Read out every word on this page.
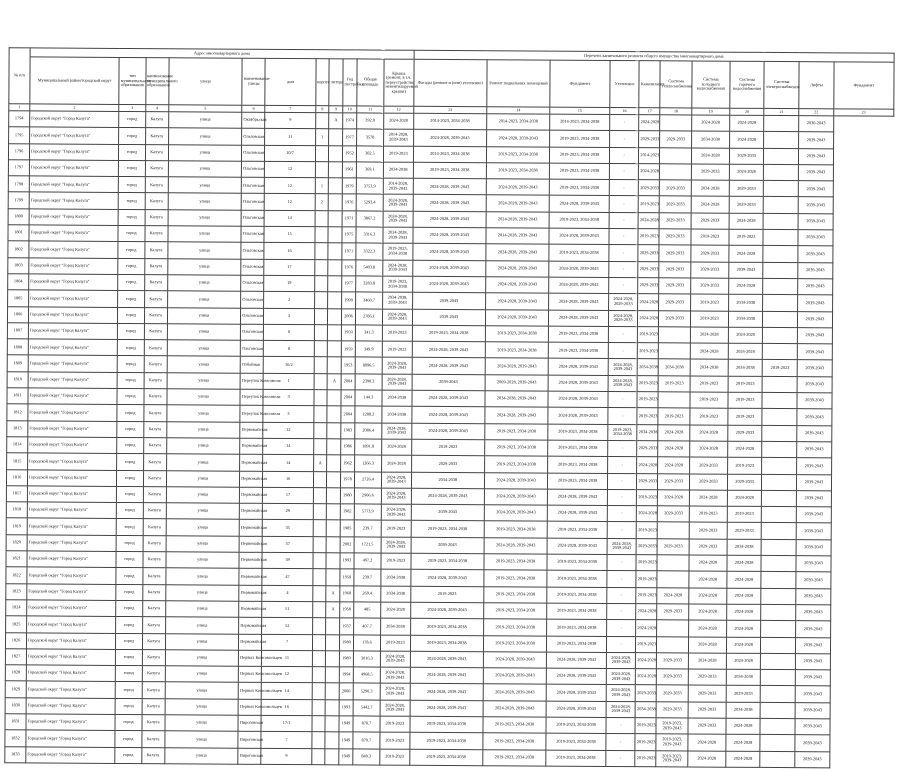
№ п/п	Адрес многоквартирного дома											Перечень капитального ремонта общего имущества многоквартирного дома										
	Муниципальный район/городской округ	тип муниципального образования	наименование муниципального образования	улица	наименование улицы	дом	корпус	литера	Год постройки	Общая площадь	Крыша (ремонт, в т.ч. переустройство невентилируемой крыши)	Фасады (ремонт и (или) утепление)	Ремонт подвальных помещений	Фундамент	Утепление	Канализация	Система теплоснабжения	Система холодного водоснабжения	Система горячего водоснабжения	Система электроснабжения	Лифты	Фундамент
1	2	3	4	5	6	7	8	9	10	11	12	13	14	15	16	17	18	19	20	21	22	23
1794	Городской округ "Город Калуга"	город	Калуга	улица	Октябрьская	9		А	1974	392.0	2024-2028	2014-2023, 2034-2038	2014-2023, 2034-2038	2014-2023, 2034-2038	-	2024-2028		2024-2028	2024-2028		2030-2043	
1795	Городской округ "Город Калуга"	город	Калуга	улица	Ольговская	11	1		1977	3570	2014-2028, 2039-2043	2024-2028, 2039-2043	2024-2028, 2039-2043	2019-2023, 2034-2038	-	2029-2033	2029-2033	2034-2038	2024-2028		2039-2043	
1796	Городской округ "Город Калуга"	город	Калуга	улица	Ольговская	10/7			1952	302.5	2019-2023	2014-2023, 2034-2038	2019-2023, 2034-2038	2019-2023, 2034-2038	-	2014-2023		2024-2028	2029-2033		2039-2043	
1797	Городской округ "Город Калуга"	город	Калуга	улица	Ольговская	12			1961	369.1	2034-2038	2019-2023, 2034-2038	2019-2023, 2034-2038	2019-2023, 2034-2038	-	2024-2028		2029-2033	2024-2028		2039-2043	
1798	Городской округ "Город Калуга"	город	Калуга	улица	Ольговская	12	1		1979	3753.9	2014-2028, 2039-2043	2024-2028, 2039-2043	2024-2028, 2039-2043	2019-2023, 2034-2038	-	2029-2033	2029-2033	2034-2038	2029-2033		2039-2043	
1799	Городской округ "Город Калуга"	город	Калуга	улица	Ольговская	12	2		1976	5293.4	2024-2028, 2039-2043	2024-2028, 2039-2043	2024-2028, 2039-2043	2024-2028, 2039-2043	-	2019-2023	2029-2033	2024-2028	2029-2033		2039-2043	
1800	Городской округ "Город Калуга"	город	Калуга	улица	Ольговская	14			1971	3867.2	2024-2028, 2039-2043	2024-2028, 2039-2043	2024-2028, 2039-2043	2019-2023, 2034-2038	-	2024-2028	2029-2033	2029-2033	2024-2028		2039-2043	
1801	Городской округ "Город Калуга"	город	Калуга	улица	Ольговская	15			1975	3316.3	2024-2028, 2039-2043	2024-2028, 2039-2043	2014-2028, 2039-2043	2024-2028, 2039-2043	-	2019-2023	2029-2033	2019-2023	2019-2023		2039-2043	
1802	Городской округ "Город Калуга"	город	Калуга	улица	Ольговская	16			1971	3322.3	2019-2023, 2034-2038	2024-2028, 2039-2043	2024-2028, 2039-2043	2019-2023, 2034-2038	-	2029-2033	2029-2033	2029-2033	2024-2028		2039-2043	
1803	Городской округ "Город Калуга"	город	Калуга	улица	Ольговская	17			1976	5403.8	2024-2028, 2039-2043	2024-2028, 2039-2043	2024-2028, 2039-2043	2024-2028, 2039-2043	-	2029-2033	2029-2033	2029-2033	2039-2043		2039-2043	
1804	Городской округ "Город Калуга"	город	Калуга	улица	Ольговская	19			1977	3283.8	2019-2023, 2034-2038	2024-2028, 2039-2043	2024-2028, 2039-2043	2024-2028, 2039-2043	-	2029-2033	2029-2033	2029-2033	2024-2028		2039-2043	
1805	Городской округ "Город Калуга"	город	Калуга	улица	Ольговская	2			1999	3460.7	2034-2038, 2039-2043	2039-2043	2024-2028, 2039-2043	2024-2028, 2039-2043	2024-2028, 2029-2033	2024-2028	2029-2033	2019-2023	2034-2038		2039-2043	
1806	Городской округ "Город Калуга"	город	Калуга	улица	Ольговская	3			2006	2706.1	2024-2028, 2039-2043	2039-2043	2024-2028, 2039-2043	2024-2028, 2039-2043	2024-2028, 2029-2033	2024-2028	2029-2033	2019-2023	2034-2038		2039-2043	
1807	Городской округ "Город Калуга"	город	Калуга	улица	Ольговская	6			1959	341.3	2019-2023	2019-2023, 2034-2038	2019-2023, 2034-2038	2019-2023, 2034-2038	-	2019-2023		2024-2028	2024-2028		2039-2043	
1808	Городской округ "Город Калуга"	город	Калуга	улица	Ольговская	8			1959	349.9	2019-2023	2024-2028, 2039-2043	2019-2023, 2034-2038	2019-2023, 2034-2038	-	2019-2023		2024-2028	2024-2028		2039-2043	
1809	Городской округ "Город Калуга"	город	Калуга	улица	Отбойная	16/2			1953	8096.5	2024-2028, 2039-2043	2024-2028, 2039-2043	2024-2028, 2039-2043	2024-2028, 2039-2043	2024-2028, 2039-2043	2034-2038	2034-2038	2034-2038	2034-2038	2019-2023	2039-2043	
1810	Городской округ "Город Калуга"	город	Калуга	улица	Переулок Комсомола	1		А	2004	2390.3	2024-2028, 2039-2043	2039-2043	2009-2028, 2039-2043	2024-2028, 2039-2043	2024-2028, 2039-2043	2019-2023	2019-2023	2019-2023	2019-2023		2039-2043	
1811	Городской округ "Город Калуга"	город	Калуга	улица	Переулок Комсомола	3			2004	144.3	2034-2038	2024-2028, 2039-2043	2034-2038, 2039-2043	2024-2028, 2039-2043	-	2019-2023		2019-2023	2019-2023		2039-2043	
1812	Городской округ "Город Калуга"	город	Калуга	улица	Переулок Комсомола	3			2004	1288.2	2034-2038	2024-2028, 2039-2043	2024-2028, 2039-2043	2024-2028, 2039-2043	-	2019-2023	2019-2023	2019-2023	2019-2023		2039-2043	
1813	Городской округ "Город Калуга"	город	Калуга	улица	Первомайская	12			1983	2086.4	2024-2028, 2039-2043	2024-2028, 2039-2043	2019-2023, 2034-2038	2019-2023, 2034-2038	2019-2023, 2034-2038	2034-2038	2024-2028	2024-2028	2029-2033		2039-2043	
1814	Городской округ "Город Калуга"	город	Калуга	улица	Первомайская	14			1986	1891.8	2024-2028	2019-2023	2019-2023, 2034-2038	2019-2023, 2034-2038	-	2029-2033	2024-2028	2024-2028	2024-2028		2039-2043	
1815	Городской округ "Город Калуга"	город	Калуга	улица	Первомайская	14	А		1962	1266.3	2024-2028	2029-2033	2019-2023, 2034-2038	2019-2023, 2034-2038	-	2024-2028	2024-2028	2029-2033	2019-2023		2039-2043	
1816	Городской округ "Город Калуга"	город	Калуга	улица	Первомайская	16			1978	2726.4	2024-2028, 2039-2043	2034-2038	2024-2028, 2039-2043	2019-2023, 2034-2038	-	2029-2033	2029-2033	2029-2033	2029-2033		2039-2043	
1817	Городской округ "Город Калуга"	город	Калуга	улица	Первомайская	17			1980	2906.6	2024-2028, 2039-2043	2024-2028, 2039-2043	2024-2028, 2039-2043	2024-2028, 2039-2043	-	2019-2023	2024-2028	2024-2028	2024-2028		2039-2043	
1818	Городской округ "Город Калуга"	город	Калуга	улица	Первомайская	29			1982	5773.9	2024-2028, 2039-2043	2039-2043	2024-2028, 2039-2043	2024-2028, 2039-2043	-	2024-2028	2029-2033	2019-2023	2019-2023		2039-2043	
1819	Городской округ "Город Калуга"	город	Калуга	улица	Первомайская	35			1985	239.7	2019-2023	2019-2023, 2034-2038	2019-2023, 2034-2038	2019-2023, 2034-2038	-	2019-2023		2029-2033	2029-2033		2039-2043	
1820	Городской округ "Город Калуга"	город	Калуга	улица	Первомайская	37			2002	1721.5	2024-2028, 2039-2043	2039-2043	2024-2028, 2039-2043	2024-2028, 2039-2043	2024-2028, 2039-2043	2029-2033	2029-2033	2029-2033	2034-2038		2039-2043	
1821	Городской округ "Город Калуга"	город	Калуга	улица	Первомайская	39			1993	497.2	2019-2023	2019-2023, 2034-2038	2019-2023, 2034-2038	2019-2023, 2034-2038	-	2019-2023		2024-2028	2024-2028		2039-2043	
1822	Городской округ "Город Калуга"	город	Калуга	улица	Первомайская	47			1950	239.7	2034-2038	2024-2028, 2039-2043	2019-2023, 2034-2038	2019-2023, 2034-2038	-	2019-2023		2024-2028	2024-2028		2039-2043	
1823	Городской округ "Город Калуга"	город	Калуга	улица	Первомайская	4		А	1960	269.4	2034-2038	2019-2023	2019-2023, 2034-2038	2019-2023, 2034-2038	-	2019-2023	2024-2028	2024-2028	2024-2028		2039-2043	
1824	Городской округ "Город Калуга"	город	Калуга	улица	Первомайская	51		А	1958	485	2024-2028	2024-2028, 2039-2043	2019-2023, 2034-2038	2019-2023, 2034-2038	-	2024-2028	2029-2033	2024-2028	2024-2028		2039-2043	
1825	Городской округ "Город Калуга"	город	Калуга	улица	Первомайская	52			1937	407.7	2034-2038	2019-2023, 2034-2038	2019-2023, 2034-2038	2019-2023, 2034-2038	-	2024-2028		2024-2028	2024-2028		2039-2043	
1826	Городской округ "Город Калуга"	город	Калуга	улица	Первомайская	7			1980	178.6	2019-2023	2019-2023, 2034-2038	2019-2023, 2034-2038	2019-2023, 2034-2038	-	2019-2023		2024-2028	2024-2028		2039-2043	
1827	Городской округ "Город Калуга"	город	Калуга	улица	Первых Комсомольцев	11			1989	3016.3	2024-2028, 2039-2043	2024-2028, 2039-2043	2024-2028, 2039-2043	2024-2028, 2039-2043	2024-2028, 2039-2043	2024-2028	2029-2033	2024-2028	2024-2028		2039-2043	
1828	Городской округ "Город Калуга"	город	Калуга	улица	Первых Комсомольцев	12			1994	4968.5	2024-2028, 2039-2043	2024-2028, 2039-2043	2024-2028, 2039-2043	2024-2028, 2039-2043	2024-2028, 2039-2043	2024-2028	2029-2033	2029-2033	2034-2038		2039-2043	
1829	Городской округ "Город Калуга"	город	Калуга	улица	Первых Комсомольцев	14			2006	5290.3	2024-2028, 2039-2043	2024-2028, 2039-2043	2024-2028, 2039-2043	2024-2028, 2039-2043	2024-2028, 2039-2043	2029-2033	2029-2033	2029-2033	2029-2033		2039-2043	
1830	Городской округ "Город Калуга"	город	Калуга	улица	Первых Комсомольцев	16			1993	5442.7	2024-2028, 2039-2043	2024-2028, 2039-2043	2024-2028, 2039-2043	2024-2028, 2039-2043	2024-2028, 2039-2043	2034-2038	2029-2033	2029-2033	2034-2038		2039-2043	
1831	Городской округ "Город Калуга"	город	Калуга	улица	Пироговская	17/1			1949	870.7	2019-2023	2019-2023, 2034-2038	2019-2023, 2034-2038	2019-2023, 2034-2038	-	2019-2023	2019-2023, 2039-2043	2029-2033	2024-2028		2039-2043	
1832	Городской округ "Город Калуга"	город	Калуга	улица	Пироговская	7			1949	870.7	2019-2023	2019-2023, 2034-2038	2019-2023, 2034-2038	2019-2023, 2034-2038	-	2019-2023	2019-2023, 2039-2043	2024-2028	2024-2028		2039-2043	
1833	Городской округ "Город Калуга"	город	Калуга	улица	Пироговская	9			1949	849.3	2019-2023	2019-2023, 2034-2038	2019-2023, 2034-2038	2019-2023, 2034-2038	-	2019-2023	2019-2023, 2039-2043	2024-2028	2024-2028		2039-2043	
